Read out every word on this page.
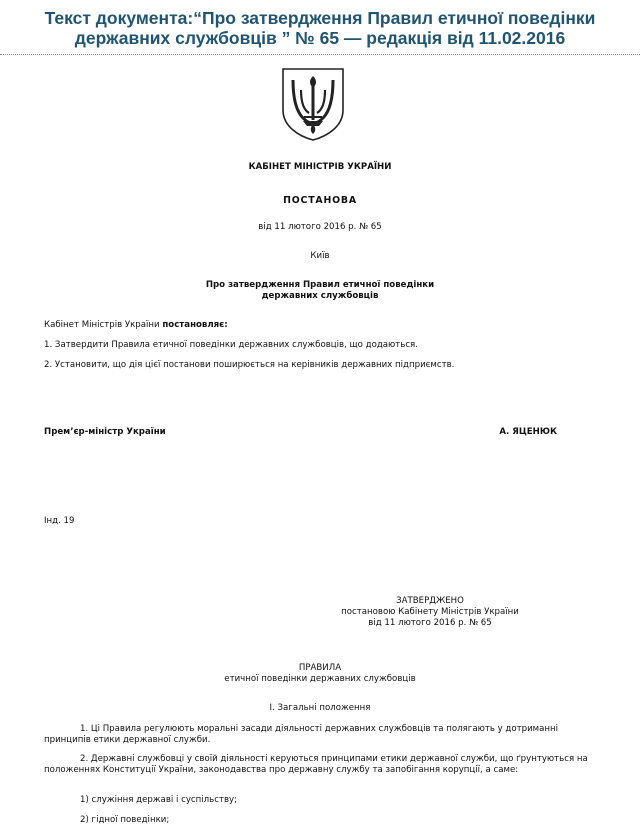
Текст документа:“Про затвердження Правил етичної поведінки
державних службовців ” № 65 — редакція від 11.02.2016
КАБІНЕТ МІНІСТРІВ УКРАЇНИ
ПОСТАНОВА
від 11 лютого 2016 р. № 65
Київ
Про затвердження Правил етичної поведінки
державних службовців
Кабінет Міністрів України постановляє:
1. Затвердити Правила етичної поведінки державних службовців, що додаються.
2. Установити, що дія цієї постанови поширюється на керівників державних підприємств.
Прем’єр-міністр України	А. ЯЦЕНЮК
Інд. 19
ЗАТВЕРДЖЕНО
постановою Кабінету Міністрів України
від 11 лютого 2016 р. № 65
ПРАВИЛА
етичної поведінки державних службовців
I. Загальні положення
1. Ці Правила регулюють моральні засади діяльності державних службовців та полягають у дотриманні принципів етики державної служби.
2. Державні службовці у своїй діяльності керуються принципами етики державної служби, що ґрунтуються на положеннях Конституції України, законодавства про державну службу та запобігання корупції, а саме:
1) служіння державі і суспільству;
2) гідної поведінки;
